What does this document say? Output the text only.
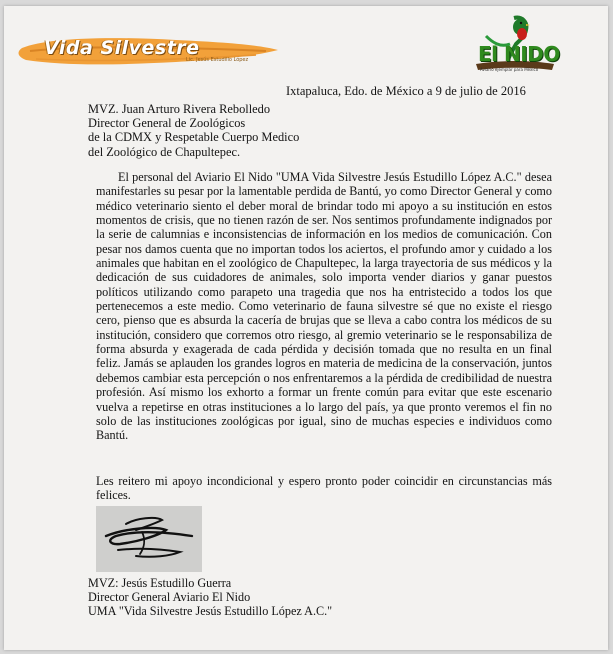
Vida Silvestre
Lic. Jesús Estudillo López	El NIDO
Aviario ejemplar para México
Ixtapaluca, Edo. de México a 9 de julio de 2016
MVZ. Juan Arturo Rivera Rebolledo
Director General de Zoológicos
de la CDMX y Respetable Cuerpo Medico
del Zoológico de Chapultepec.

El personal del Aviario El Nido "UMA Vida Silvestre Jesús Estudillo López A.C." desea manifestarles su pesar por la lamentable perdida de Bantú, yo como Director General y como médico veterinario siento el deber moral de brindar todo mi apoyo a su institución en estos momentos de crisis, que no tienen razón de ser. Nos sentimos profundamente indignados por la serie de calumnias e inconsistencias de información en los medios de comunicación. Con pesar nos damos cuenta que no importan todos los aciertos, el profundo amor y cuidado a los animales que habitan en el zoológico de Chapultepec, la larga trayectoria de sus médicos y la dedicación de sus cuidadores de animales, solo importa vender diarios y ganar puestos políticos utilizando como parapeto una tragedia que nos ha entristecido a todos los que pertenecemos a este medio. Como veterinario de fauna silvestre sé que no existe el riesgo cero, pienso que es absurda la cacería de brujas que se lleva a cabo contra los médicos de su institución, considero que corremos otro riesgo, al gremio veterinario se le responsabiliza de forma absurda y exagerada de cada pérdida y decisión tomada que no resulta en un final feliz. Jamás se aplauden los grandes logros en materia de medicina de la conservación, juntos debemos cambiar esta percepción o nos enfrentaremos a la pérdida de credibilidad de nuestra profesión. Así mismo los exhorto a formar un frente común para evitar que este escenario vuelva a repetirse en otras instituciones a lo largo del país, ya que pronto veremos el fin no solo de las instituciones zoológicas por igual, sino de muchas especies e individuos como Bantú.

Les reitero mi apoyo incondicional y espero pronto poder coincidir en circunstancias más felices.

MVZ: Jesús Estudillo Guerra
Director General Aviario El Nido
UMA "Vida Silvestre Jesús Estudillo López A.C."
